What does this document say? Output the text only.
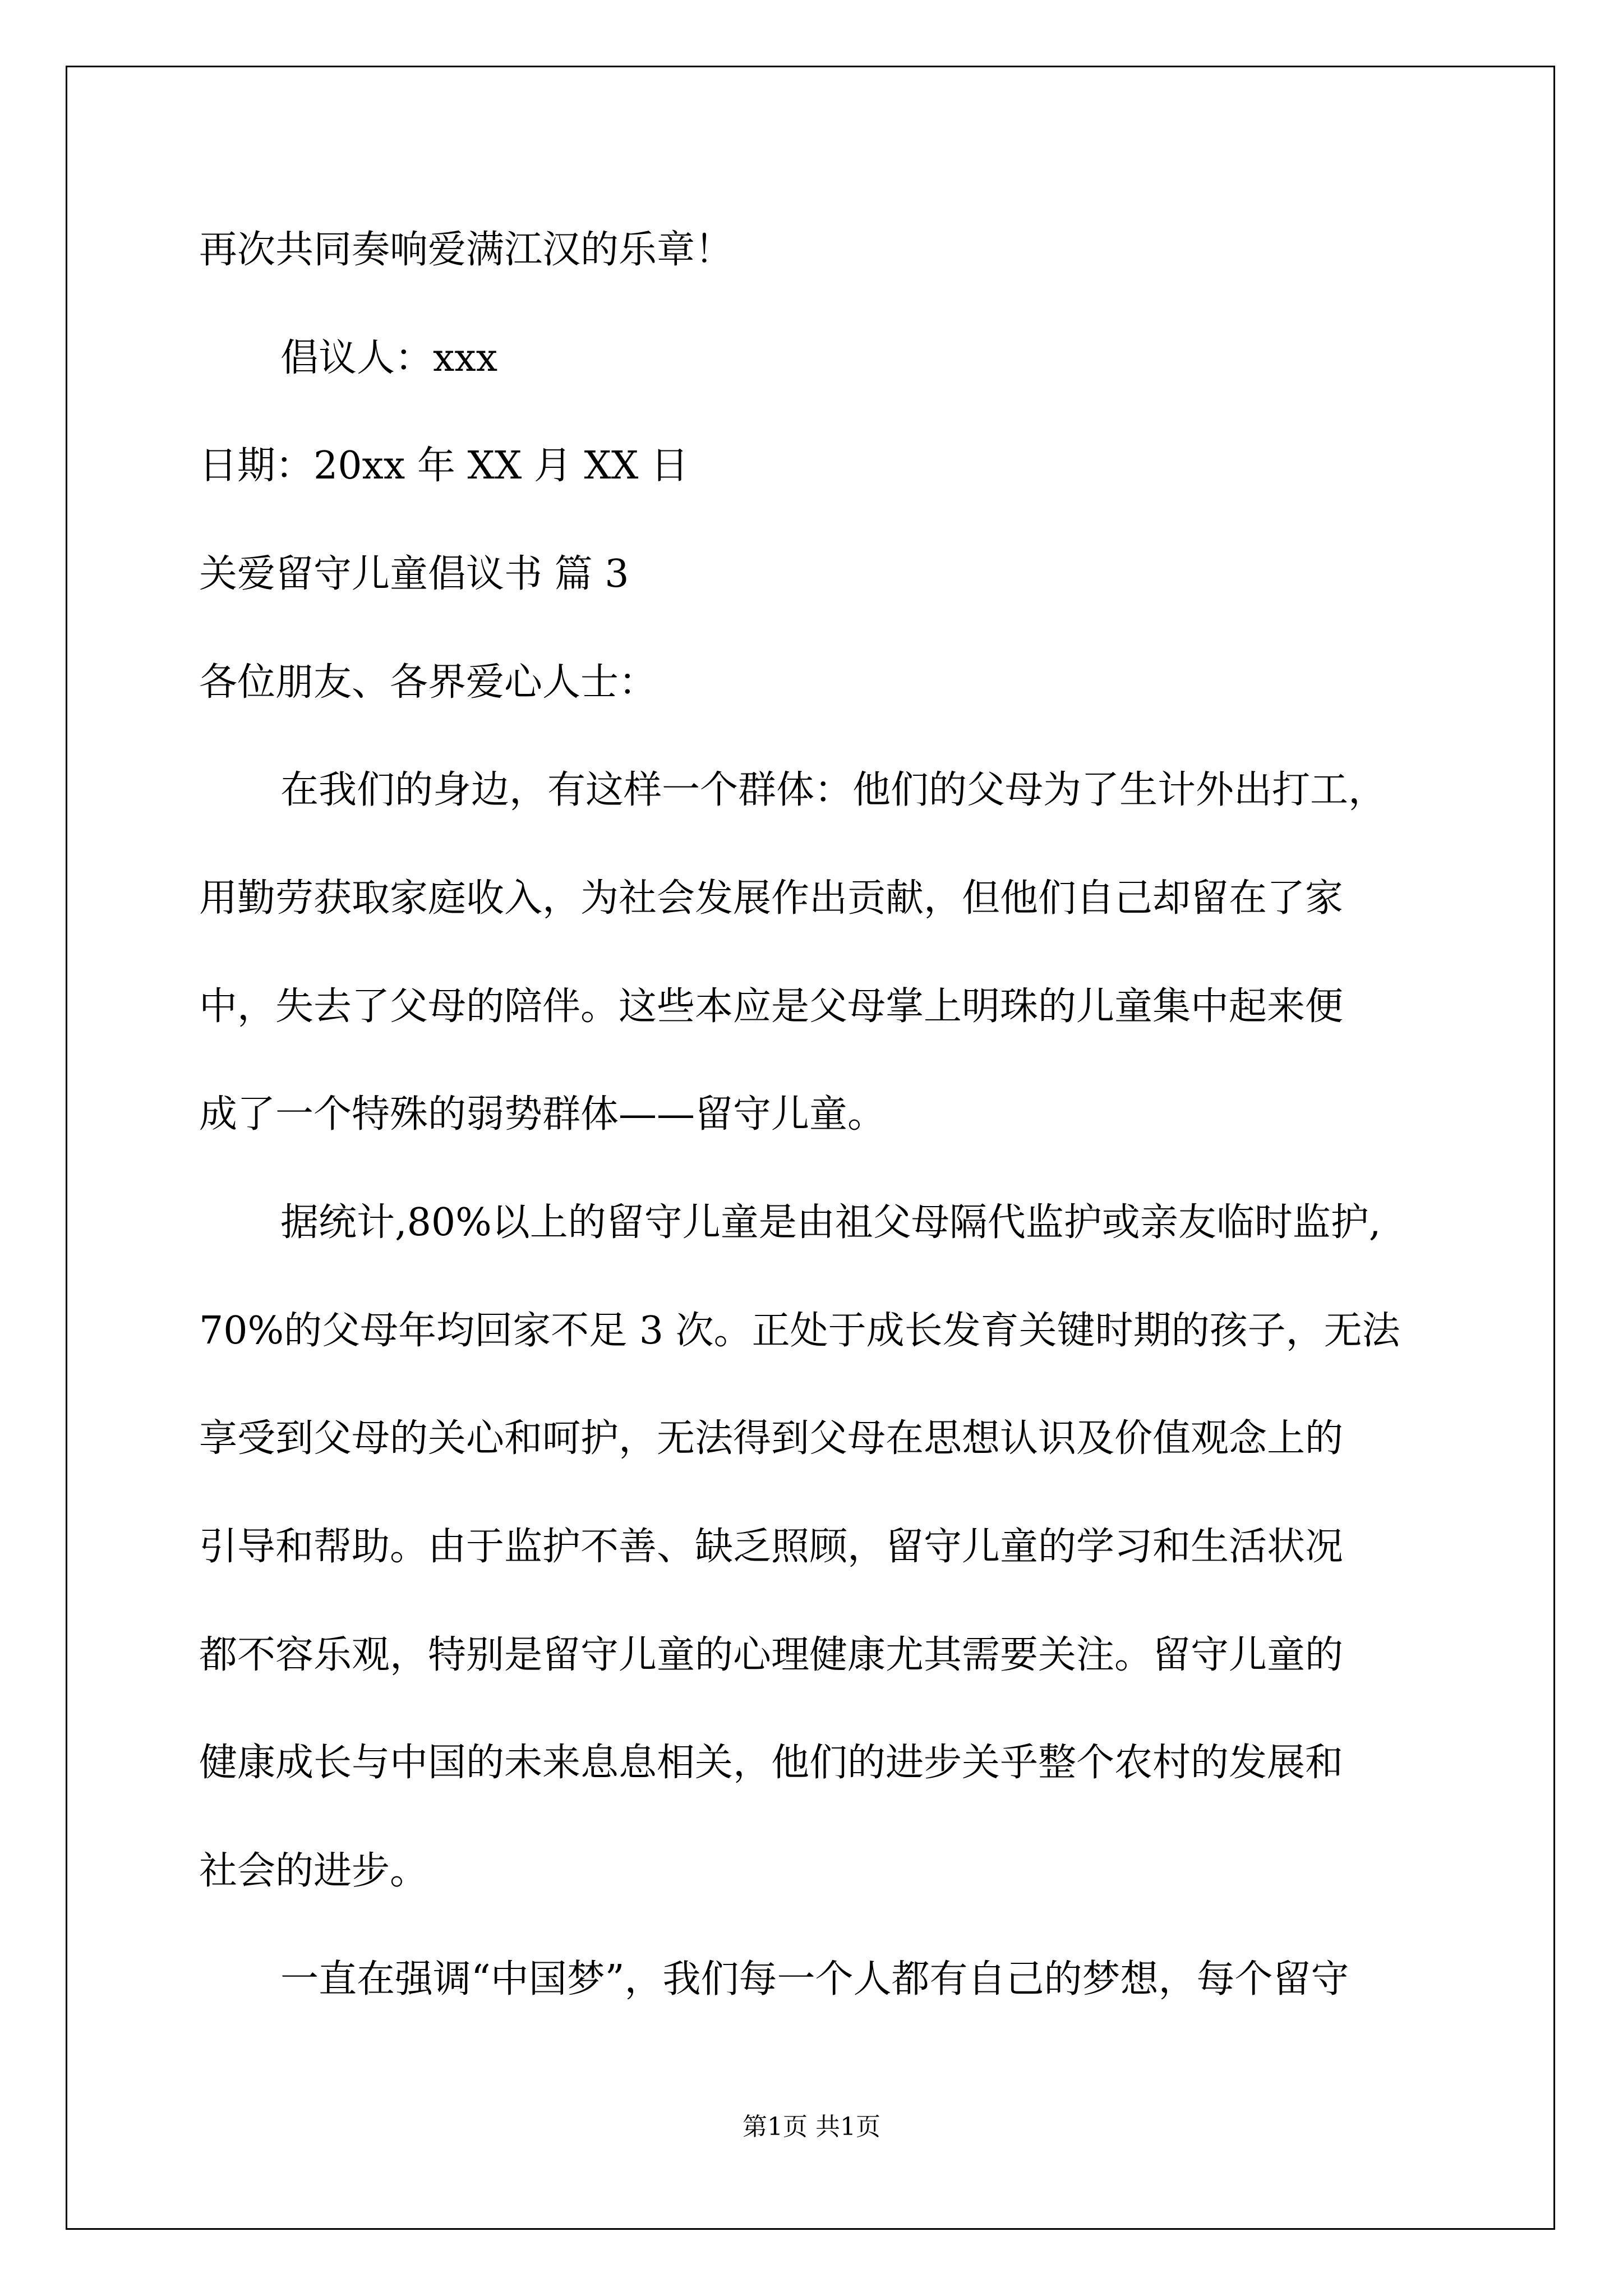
再次共同奏响爱满江汉的乐章！
倡议人：xxx
日期：20xx 年 XX 月 XX 日
关爱留守儿童倡议书 篇 3
各位朋友、各界爱心人士：
在我们的身边，有这样一个群体：他们的父母为了生计外出打工，
用勤劳获取家庭收入，为社会发展作出贡献，但他们自己却留在了家
中，失去了父母的陪伴。这些本应是父母掌上明珠的儿童集中起来便
成了一个特殊的弱势群体——留守儿童。
据统计,80%以上的留守儿童是由祖父母隔代监护或亲友临时监护,
70%的父母年均回家不足 3 次。正处于成长发育关键时期的孩子，无法
享受到父母的关心和呵护，无法得到父母在思想认识及价值观念上的
引导和帮助。由于监护不善、缺乏照顾，留守儿童的学习和生活状况
都不容乐观，特别是留守儿童的心理健康尤其需要关注。留守儿童的
健康成长与中国的未来息息相关，他们的进步关乎整个农村的发展和
社会的进步。
一直在强调“中国梦”，我们每一个人都有自己的梦想，每个留守
第1页 共1页
